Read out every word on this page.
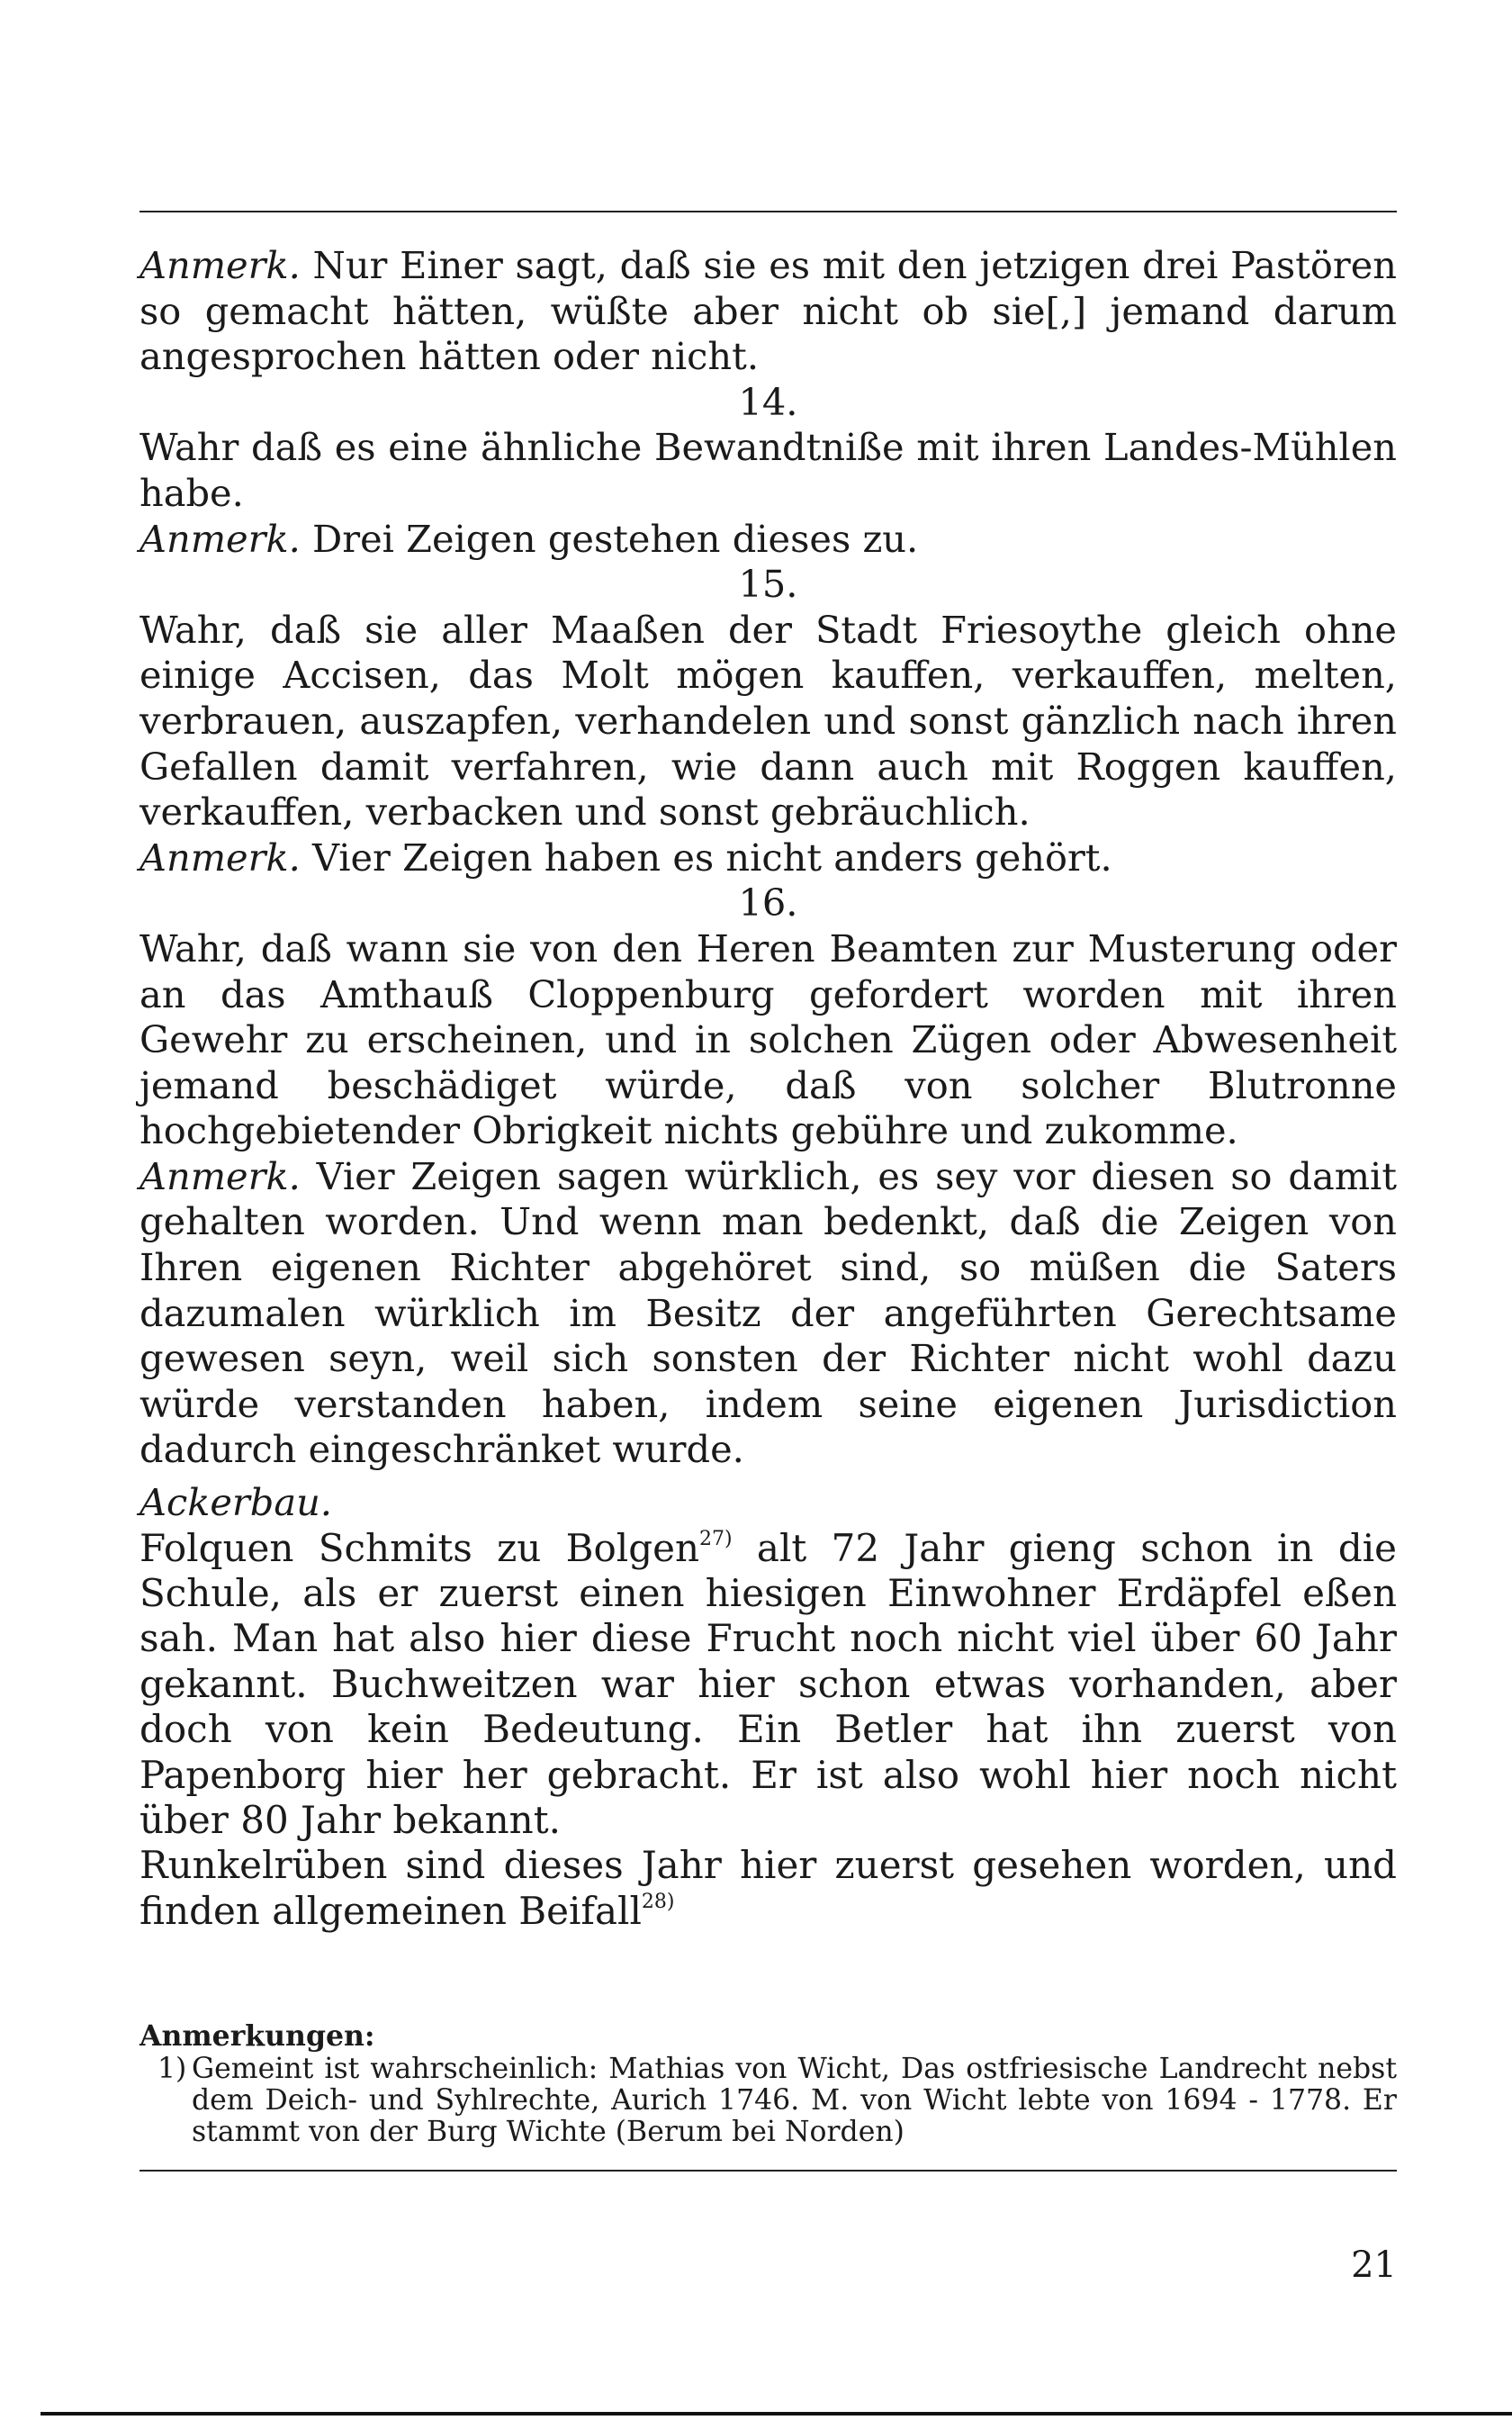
Anmerk. Nur Einer sagt, daß sie es mit den jetzigen drei Pastören so gemacht hätten, wüßte aber nicht ob sie[,] jemand darum angesprochen hätten oder nicht.

14.

Wahr daß es eine ähnliche Bewandtniße mit ihren Landes-Mühlen habe.

Anmerk. Drei Zeigen gestehen dieses zu.

15.

Wahr, daß sie aller Maaßen der Stadt Friesoythe gleich ohne einige Accisen, das Molt mögen kauffen, verkauffen, melten, verbrauen, auszapfen, verhandelen und sonst gänzlich nach ihren Gefallen damit verfahren, wie dann auch mit Roggen kauffen, verkauffen, verbacken und sonst gebräuchlich.

Anmerk. Vier Zeigen haben es nicht anders gehört.

16.

Wahr, daß wann sie von den Heren Beamten zur Musterung oder an das Amthauß Cloppenburg gefordert worden mit ihren Gewehr zu erscheinen, und in solchen Zügen oder Abwesenheit jemand beschädiget würde, daß von solcher Blutronne hochgebietender Obrigkeit nichts gebühre und zukomme.

Anmerk. Vier Zeigen sagen würklich, es sey vor diesen so damit gehalten worden. Und wenn man bedenkt, daß die Zeigen von Ihren eigenen Richter abgehöret sind, so müßen die Saters dazumalen würklich im Besitz der angeführten Gerechtsame gewesen seyn, weil sich sonsten der Richter nicht wohl dazu würde verstanden haben, indem seine eigenen Jurisdiction dadurch eingeschränket wurde.

Ackerbau.

Folquen Schmits zu Bolgen$^{27)}$ alt 72 Jahr gieng schon in die Schule, als er zuerst einen hiesigen Einwohner Erdäpfel eßen sah. Man hat also hier diese Frucht noch nicht viel über 60 Jahr gekannt. Buchweitzen war hier schon etwas vorhanden, aber doch von kein Bedeutung. Ein Betler hat ihn zuerst von Papenborg hier her gebracht. Er ist also wohl hier noch nicht über 80 Jahr bekannt.

Runkelrüben sind dieses Jahr hier zuerst gesehen worden, und finden allgemeinen Beifall$^{28)}$

Anmerkungen:

1) Gemeint ist wahrscheinlich: Mathias von Wicht, Das ostfriesische Landrecht nebst dem Deich- und Syhlrechte, Aurich 1746. M. von Wicht lebte von 1694 - 1778. Er stammt von der Burg Wichte (Berum bei Norden)
21
